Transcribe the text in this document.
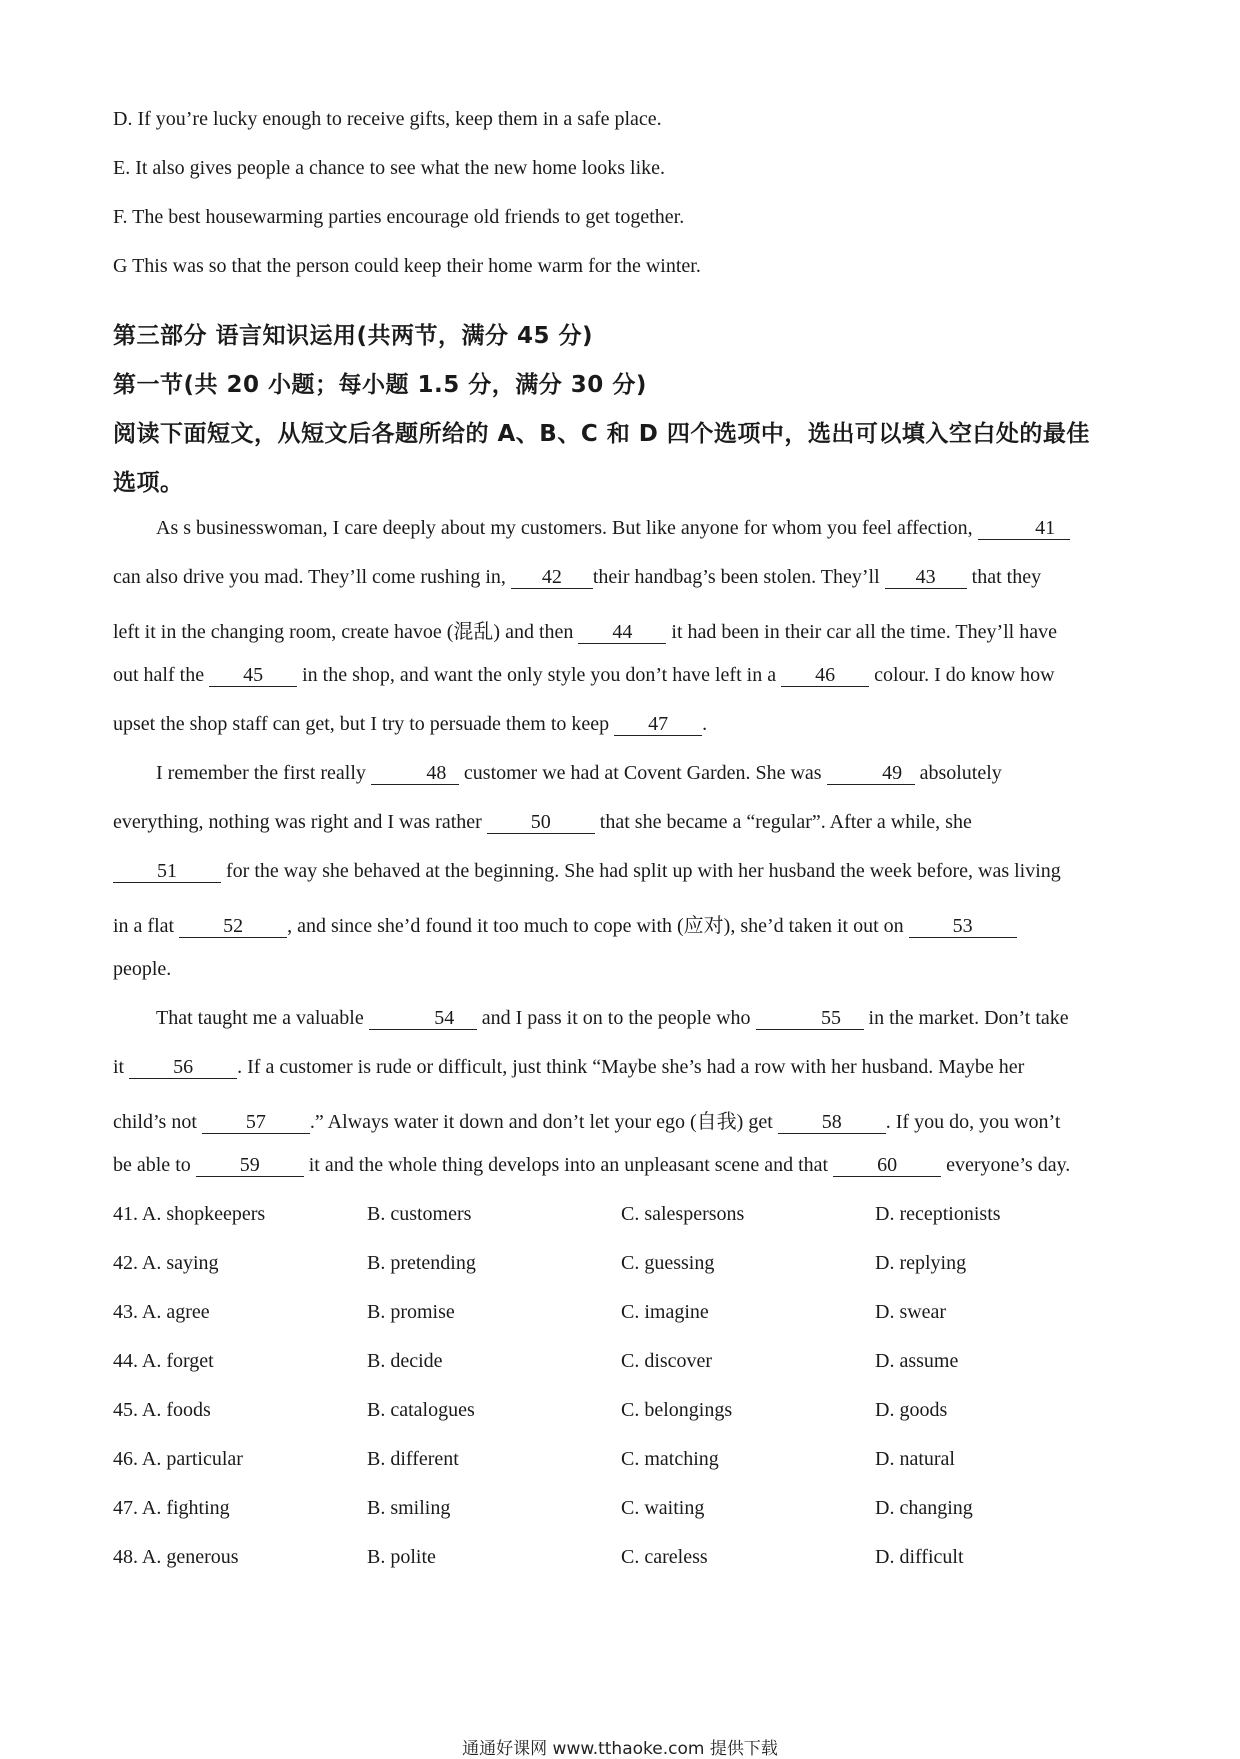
D. If you’re lucky enough to receive gifts, keep them in a safe place.
E. It also gives people a chance to see what the new home looks like.
F. The best housewarming parties encourage old friends to get together.
G This was so that the person could keep their home warm for the winter.
第三部分 语言知识运用(共两节，满分 45 分)
第一节(共 20 小题；每小题 1.5 分，满分 30 分)
阅读下面短文，从短文后各题所给的 A、B、C 和 D 四个选项中，选出可以填入空白处的最佳
选项。
As s businesswoman, I care deeply about my customers. But like anyone for whom you feel affection,	41
can also drive you mad. They’ll come rushing in, 42 their handbag’s been stolen. They’ll 43 that they
left it in the changing room, create havoe (混乱) and then 44 it had been in their car all the time. They’ll have
out half the 45 in the shop, and want the only style you don’t have left in a 46 colour. I do know how
upset the shop staff can get, but I try to persuade them to keep 47 .
I remember the first really	48 customer we had at Covent Garden. She was	49 absolutely
everything, nothing was right and I was rather 50 that she became a “regular”. After a while, she
51 for the way she behaved at the beginning. She had split up with her husband the week before, was living
in a flat 52 , and since she’d found it too much to cope with (应对), she’d taken it out on 53
people.
That taught me a valuable	54 and I pass it on to the people who	55 in the market. Don’t take
it 56 . If a customer is rude or difficult, just think “Maybe she’s had a row with her husband. Maybe her
child’s not 57 .” Always water it down and don’t let your ego (自我) get 58 . If you do, you won’t
be able to 59 it and the whole thing develops into an unpleasant scene and that 60 everyone’s day.
41. A. shopkeepers	B. customers	C. salespersons	D. receptionists
42. A. saying	B. pretending	C. guessing	D. replying
43. A. agree	B. promise	C. imagine	D. swear
44. A. forget	B. decide	C. discover	D. assume
45. A. foods	B. catalogues	C. belongings	D. goods
46. A. particular	B. different	C. matching	D. natural
47. A. fighting	B. smiling	C. waiting	D. changing
48. A. generous	B. polite	C. careless	D. difficult
通通好课网 www.tthaoke.com 提供下载
